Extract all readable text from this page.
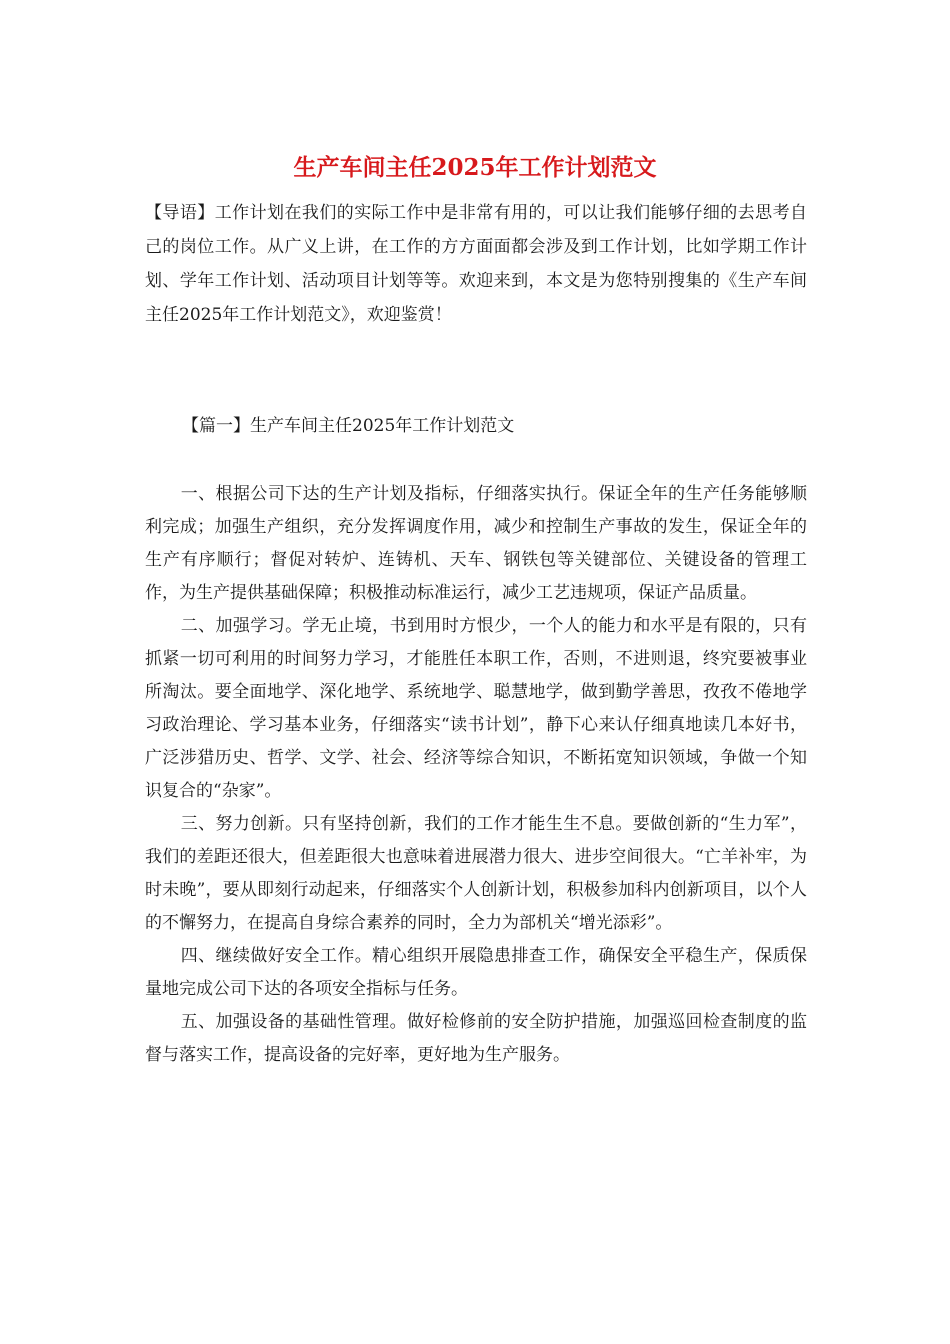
生产车间主任2025年工作计划范文

【导语】工作计划在我们的实际工作中是非常有用的，可以让我们能够仔细的去思考自己的岗位工作。从广义上讲，在工作的方方面面都会涉及到工作计划，比如学期工作计划、学年工作计划、活动项目计划等等。欢迎来到，本文是为您特别搜集的《生产车间主任2025年工作计划范文》，欢迎鉴赏！

【篇一】生产车间主任2025年工作计划范文

一、根据公司下达的生产计划及指标，仔细落实执行。保证全年的生产任务能够顺利完成；加强生产组织，充分发挥调度作用，减少和控制生产事故的发生，保证全年的生产有序顺行；督促对转炉、连铸机、天车、钢铁包等关键部位、关键设备的管理工作，为生产提供基础保障；积极推动标准运行，减少工艺违规项，保证产品质量。

二、加强学习。学无止境，书到用时方恨少，一个人的能力和水平是有限的，只有抓紧一切可利用的时间努力学习，才能胜任本职工作，否则，不进则退，终究要被事业所淘汰。要全面地学、深化地学、系统地学、聪慧地学，做到勤学善思，孜孜不倦地学习政治理论、学习基本业务，仔细落实“读书计划”，静下心来认仔细真地读几本好书，广泛涉猎历史、哲学、文学、社会、经济等综合知识，不断拓宽知识领域，争做一个知识复合的“杂家”。

三、努力创新。只有坚持创新，我们的工作才能生生不息。要做创新的“生力军”，我们的差距还很大，但差距很大也意味着进展潜力很大、进步空间很大。“亡羊补牢，为时未晚”，要从即刻行动起来，仔细落实个人创新计划，积极参加科内创新项目，以个人的不懈努力，在提高自身综合素养的同时，全力为部机关“增光添彩”。

四、继续做好安全工作。精心组织开展隐患排查工作，确保安全平稳生产，保质保量地完成公司下达的各项安全指标与任务。

五、加强设备的基础性管理。做好检修前的安全防护措施，加强巡回检查制度的监督与落实工作，提高设备的完好率，更好地为生产服务。
